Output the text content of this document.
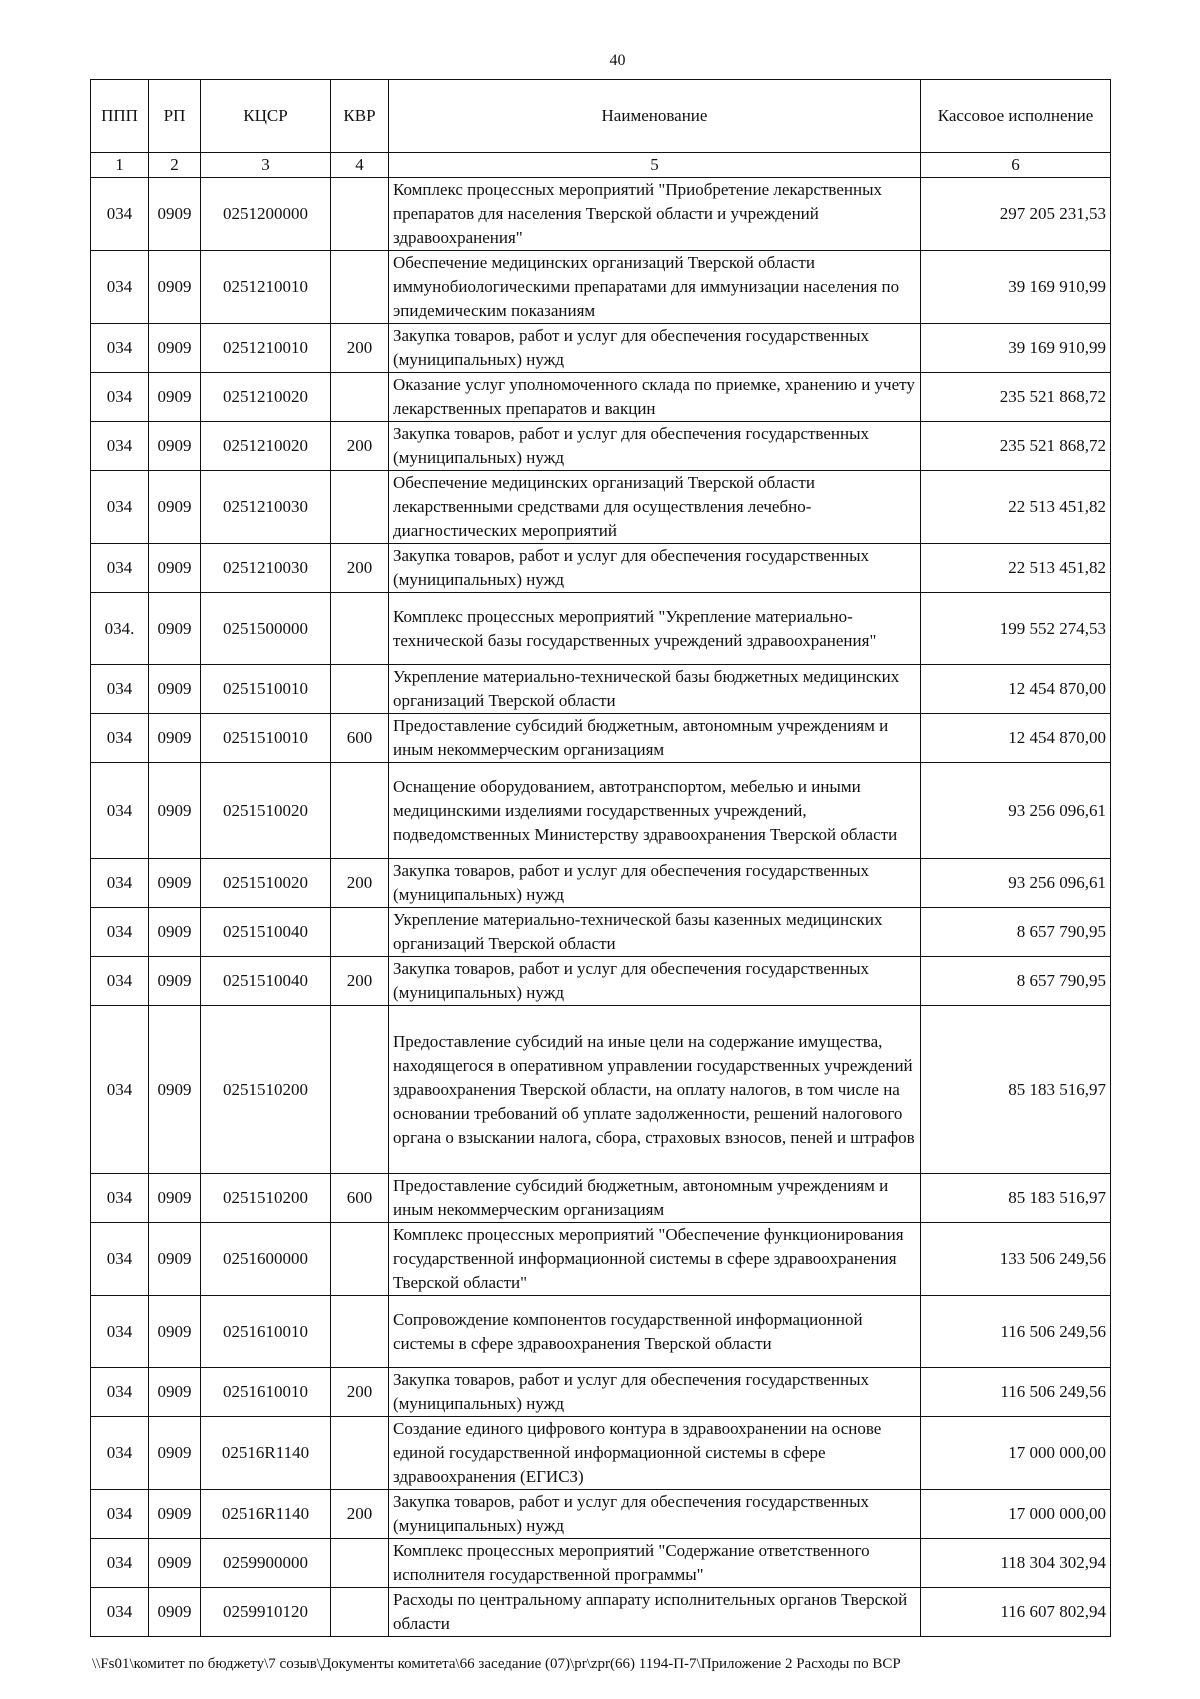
40
ППП	РП	КЦСР	КВР	Наименование	Кассовое исполнение
1	2	3	4	5	6
034	0909	0251200000		Комплекс процессных мероприятий "Приобретение лекарственных препаратов для населения Тверской области и учреждений здравоохранения"	297 205 231,53
034	0909	0251210010		Обеспечение медицинских организаций Тверской области иммунобиологическими препаратами для иммунизации населения по эпидемическим показаниям	39 169 910,99
034	0909	0251210010	200	Закупка товаров, работ и услуг для обеспечения государственных (муниципальных) нужд	39 169 910,99
034	0909	0251210020		Оказание услуг уполномоченного склада по приемке, хранению и учету лекарственных препаратов и вакцин	235 521 868,72
034	0909	0251210020	200	Закупка товаров, работ и услуг для обеспечения государственных (муниципальных) нужд	235 521 868,72
034	0909	0251210030		Обеспечение медицинских организаций Тверской области лекарственными средствами для осуществления лечебно-диагностических мероприятий	22 513 451,82
034	0909	0251210030	200	Закупка товаров, работ и услуг для обеспечения государственных (муниципальных) нужд	22 513 451,82
034.	0909	0251500000		Комплекс процессных мероприятий "Укрепление материально-технической базы государственных учреждений здравоохранения"	199 552 274,53
034	0909	0251510010		Укрепление материально-технической базы бюджетных медицинских организаций Тверской области	12 454 870,00
034	0909	0251510010	600	Предоставление субсидий бюджетным, автономным учреждениям и иным некоммерческим организациям	12 454 870,00
034	0909	0251510020		Оснащение оборудованием, автотранспортом, мебелью и иными медицинскими изделиями государственных учреждений, подведомственных Министерству здравоохранения Тверской области	93 256 096,61
034	0909	0251510020	200	Закупка товаров, работ и услуг для обеспечения государственных (муниципальных) нужд	93 256 096,61
034	0909	0251510040		Укрепление материально-технической базы казенных медицинских организаций Тверской области	8 657 790,95
034	0909	0251510040	200	Закупка товаров, работ и услуг для обеспечения государственных (муниципальных) нужд	8 657 790,95
034	0909	0251510200		Предоставление субсидий на иные цели на содержание имущества, находящегося в оперативном управлении государственных учреждений здравоохранения Тверской области, на оплату налогов, в том числе на основании требований об уплате задолженности, решений налогового органа о взыскании налога, сбора, страховых взносов, пеней и штрафов	85 183 516,97
034	0909	0251510200	600	Предоставление субсидий бюджетным, автономным учреждениям и иным некоммерческим организациям	85 183 516,97
034	0909	0251600000		Комплекс процессных мероприятий "Обеспечение функционирования государственной информационной системы в сфере здравоохранения Тверской области"	133 506 249,56
034	0909	0251610010		Сопровождение компонентов государственной информационной системы в сфере здравоохранения Тверской области	116 506 249,56
034	0909	0251610010	200	Закупка товаров, работ и услуг для обеспечения государственных (муниципальных) нужд	116 506 249,56
034	0909	02516R1140		Создание единого цифрового контура в здравоохранении на основе единой государственной информационной системы в сфере здравоохранения (ЕГИСЗ)	17 000 000,00
034	0909	02516R1140	200	Закупка товаров, работ и услуг для обеспечения государственных (муниципальных) нужд	17 000 000,00
034	0909	0259900000		Комплекс процессных мероприятий "Содержание ответственного исполнителя государственной программы"	118 304 302,94
034	0909	0259910120		Расходы по центральному аппарату исполнительных органов Тверской области	116 607 802,94
\\Fs01\комитет по бюджету\7 созыв\Документы комитета\66 заседание (07)\pr\zpr(66) 1194-П-7\Приложение 2 Расходы по ВСР
